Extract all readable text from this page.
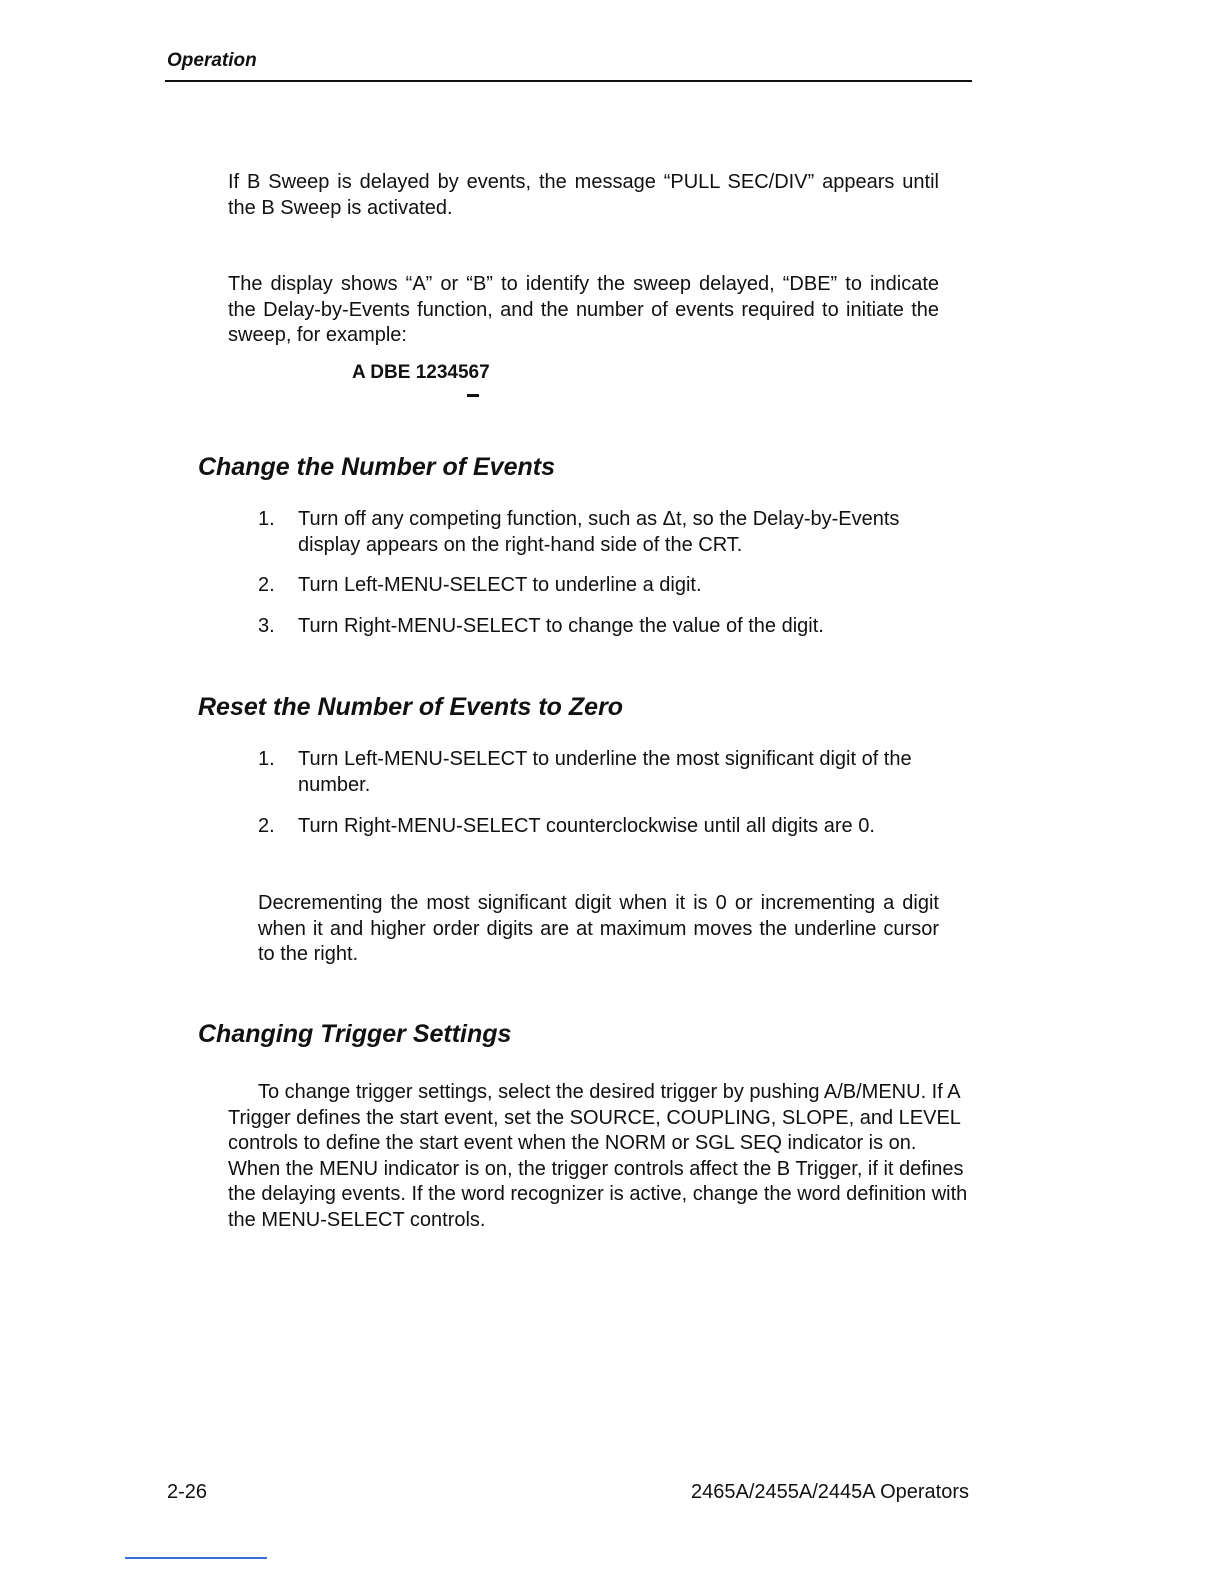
Operation

If B Sweep is delayed by events, the message “PULL SEC/DIV” appears until the B Sweep is activated.

The display shows “A” or “B” to identify the sweep delayed, “DBE” to indicate the Delay-by-Events function, and the number of events required to initiate the sweep, for example:

A DBE 1234567
Change the Number of Events
1.	Turn off any competing function, such as Δt, so the Delay-by-Events display appears on the right-hand side of the CRT.
2.	Turn Left-MENU-SELECT to underline a digit.
3.	Turn Right-MENU-SELECT to change the value of the digit.
Reset the Number of Events to Zero
1.	Turn Left-MENU-SELECT to underline the most significant digit of the number.
2.	Turn Right-MENU-SELECT counterclockwise until all digits are 0.

Decrementing the most significant digit when it is 0 or incrementing a digit when it and higher order digits are at maximum moves the underline cursor to the right.

Changing Trigger Settings

To change trigger settings, select the desired trigger by pushing A/B/MENU. If A Trigger defines the start event, set the SOURCE, COUPLING, SLOPE, and LEVEL controls to define the start event when the NORM or SGL SEQ indicator is on. When the MENU indicator is on, the trigger controls affect the B Trigger, if it defines the delaying events. If the word recognizer is active, change the word definition with the MENU-SELECT controls.

2-26	2465A/2455A/2445A Operators
